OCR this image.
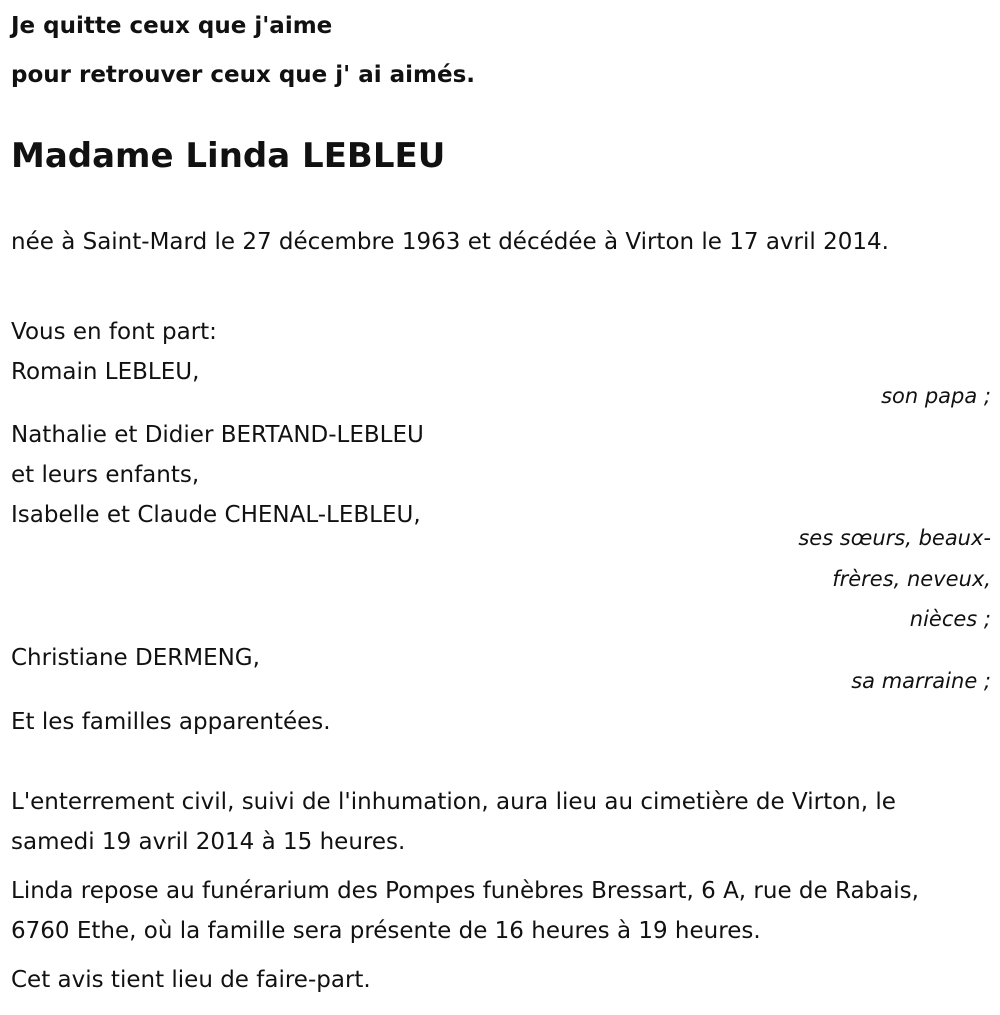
Je quitte ceux que j'aime

pour retrouver ceux que j' ai aimés.

Madame Linda LEBLEU

née à Saint-Mard le 27 décembre 1963 et décédée à Virton le 17 avril 2014.

Vous en font part:

Romain LEBLEU,

son papa ;

Nathalie et Didier BERTAND-LEBLEU

et leurs enfants,

Isabelle et Claude CHENAL-LEBLEU,

ses sœurs, beaux-

frères, neveux,

nièces ;

Christiane DERMENG,

sa marraine ;

Et les familles apparentées.

L'enterrement civil, suivi de l'inhumation, aura lieu au cimetière de Virton, le samedi 19 avril 2014 à 15 heures.

Linda repose au funérarium des Pompes funèbres Bressart, 6 A, rue de Rabais, 6760 Ethe, où la famille sera présente de 16 heures à 19 heures.

Cet avis tient lieu de faire-part.
